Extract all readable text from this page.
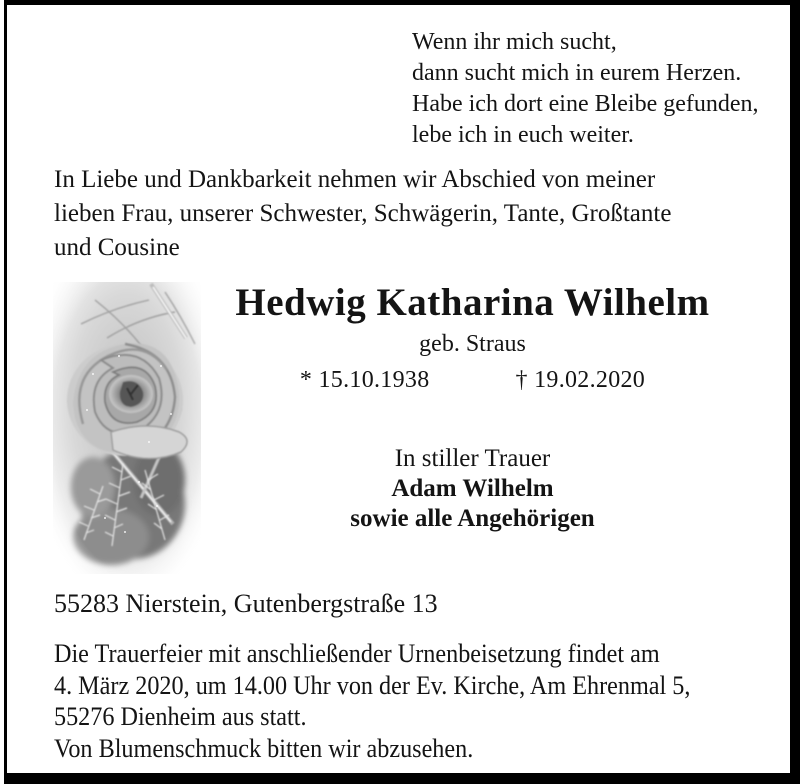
Wenn ihr mich sucht,
dann sucht mich in eurem Herzen.
Habe ich dort eine Bleibe gefunden,
lebe ich in euch weiter.
In Liebe und Dankbarkeit nehmen wir Abschied von meiner
lieben Frau, unserer Schwester, Schwägerin, Tante, Großtante
und Cousine
Hedwig Katharina Wilhelm
geb. Straus
* 15.10.1938	† 19.02.2020
In stiller Trauer
Adam Wilhelm
sowie alle Angehörigen
55283 Nierstein, Gutenbergstraße 13
Die Trauerfeier mit anschließender Urnenbeisetzung findet am
4. März 2020, um 14.00 Uhr von der Ev. Kirche, Am Ehrenmal 5,
55276 Dienheim aus statt.
Von Blumenschmuck bitten wir abzusehen.
